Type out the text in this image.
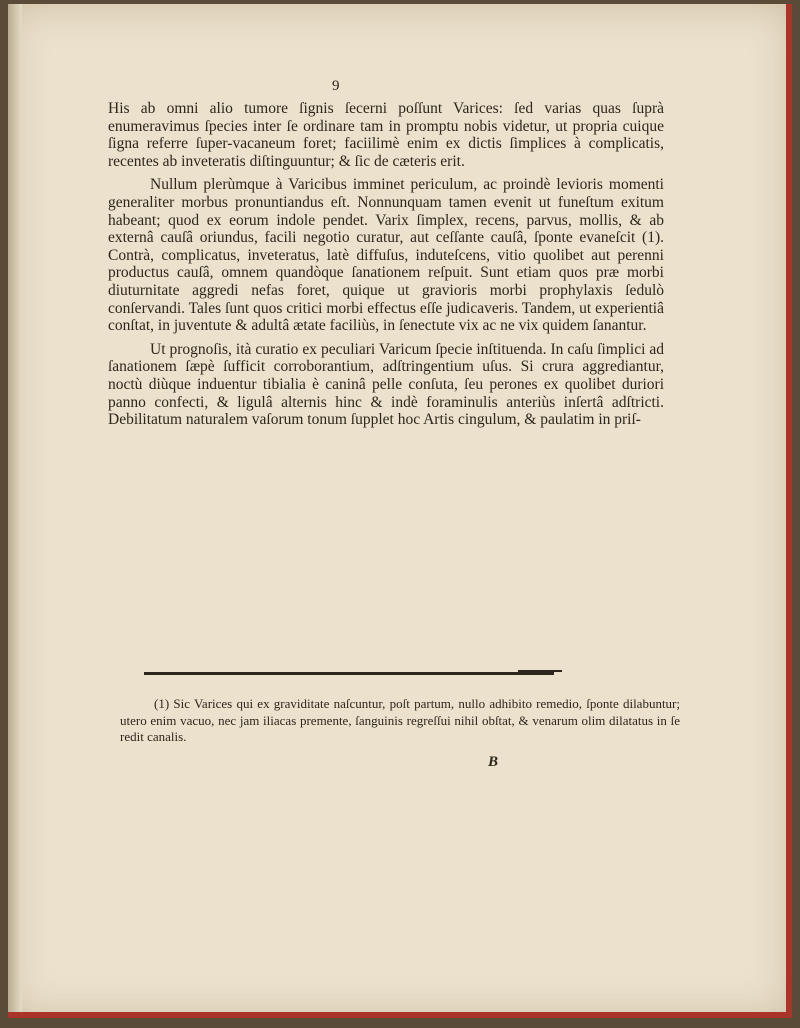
9

His ab omni alio tumore ſignis ſecerni poſſunt Varices: ſed varias quas ſuprà enumeravimus ſpecies inter ſe ordinare tam in promptu nobis videtur, ut propria cuique ſigna referre ſuper-vacaneum foret; faciilimè enim ex dictis ſimplices à complicatis, recentes ab inveteratis diſtinguuntur; & ſic de cæteris erit.

Nullum plerùmque à Varicibus imminet periculum, ac proindè levioris momenti generaliter morbus pronuntiandus eſt. Nonnunquam tamen evenit ut funeſtum exitum habeant; quod ex eorum indole pendet. Varix ſimplex, recens, parvus, mollis, & ab externâ cauſâ oriundus, facili negotio curatur, aut ceſſante cauſâ, ſponte evaneſcit (1). Contrà, complicatus, inveteratus, latè diffuſus, induteſcens, vitio quolibet aut perenni productus cauſâ, omnem quandòque ſanationem reſpuit. Sunt etiam quos præ morbi diuturnitate aggredi nefas foret, quique ut gravioris morbi prophylaxis ſedulò conſervandi. Tales ſunt quos critici morbi effectus eſſe judicaveris. Tandem, ut experientiâ conſtat, in juventute & adultâ ætate faciliùs, in ſenectute vix ac ne vix quidem ſanantur.

Ut prognoſis, ità curatio ex peculiari Varicum ſpecie inſtituenda. In caſu ſimplici ad ſanationem ſæpè ſufficit corroborantium, adſtringentium uſus. Si crura aggrediantur, noctù diùque induentur tibialia è caninâ pelle conſuta, ſeu perones ex quolibet duriori panno confecti, & ligulâ alternis hinc & indè foraminulis anteriùs inſertâ adſtricti. Debilitatum naturalem vaſorum tonum ſupplet hoc Artis cingulum, & paulatim in priſ-

(1) Sic Varices qui ex graviditate naſcuntur, poſt partum, nullo adhibito remedio, ſponte dilabuntur; utero enim vacuo, nec jam iliacas premente, ſanguinis regreſſui nihil obſtat, & venarum olim dilatatus in ſe redit canalis.
B
